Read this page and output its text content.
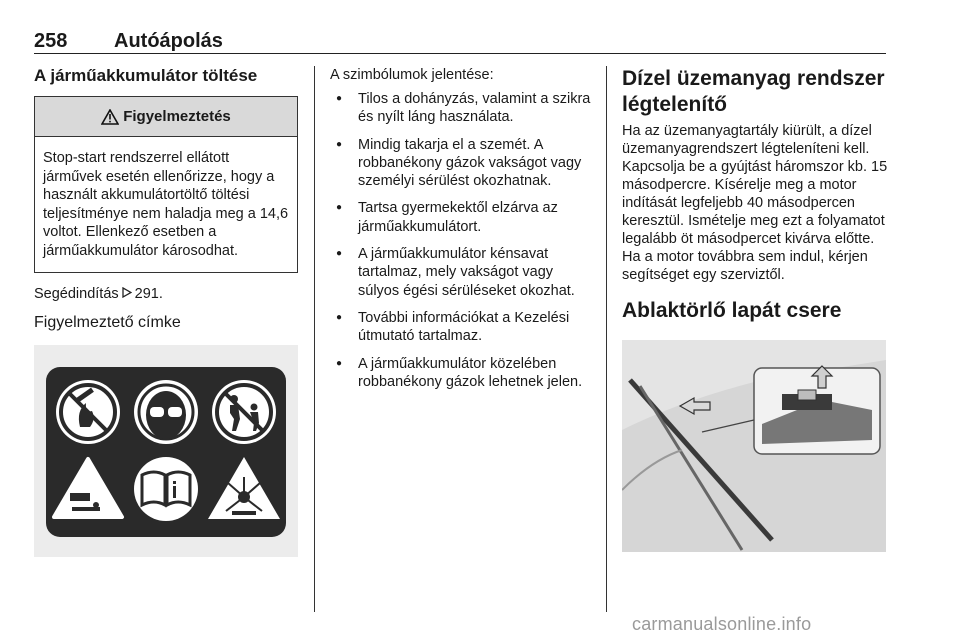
258 Autóápolás
A járműakkumulátor töltése
Figyelmeztetés
Stop-start rendszerrel ellátott járművek esetén ellenőrizze, hogy a használt akkumulátortöltő töltési teljesítménye nem haladja meg a 14,6 voltot. Ellenkező esetben a járműakkumulátor károsodhat.

Segédindítás 291.

Figyelmeztető címke

A szimbólumok jelentése:

● Tilos a dohányzás, valamint a szikra és nyílt láng használata.
● Mindig takarja el a szemét. A robbanékony gázok vakságot vagy személyi sérülést okozhatnak.
● Tartsa gyermekektől elzárva az járműakkumulátort.
● A járműakkumulátor kénsavat tartalmaz, mely vakságot vagy súlyos égési sérüléseket okozhat.
● További információkat a Kezelési útmutató tartalmaz.
● A járműakkumulátor közelében robbanékony gázok lehetnek jelen.
Dízel üzemanyag rendszer légtelenítő

Ha az üzemanyagtartály kiürült, a dízel üzemanyagrendszert légteleníteni kell. Kapcsolja be a gyújtást háromszor kb. 15 másodpercre. Kísérelje meg a motor indítását legfeljebb 40 másodpercen keresztül. Ismételje meg ezt a folyamatot legalább öt másodpercet kivárva előtte. Ha a motor továbbra sem indul, kérjen segítséget egy szerviztől.

Ablaktörlő lapát csere
carmanualsonline.info
